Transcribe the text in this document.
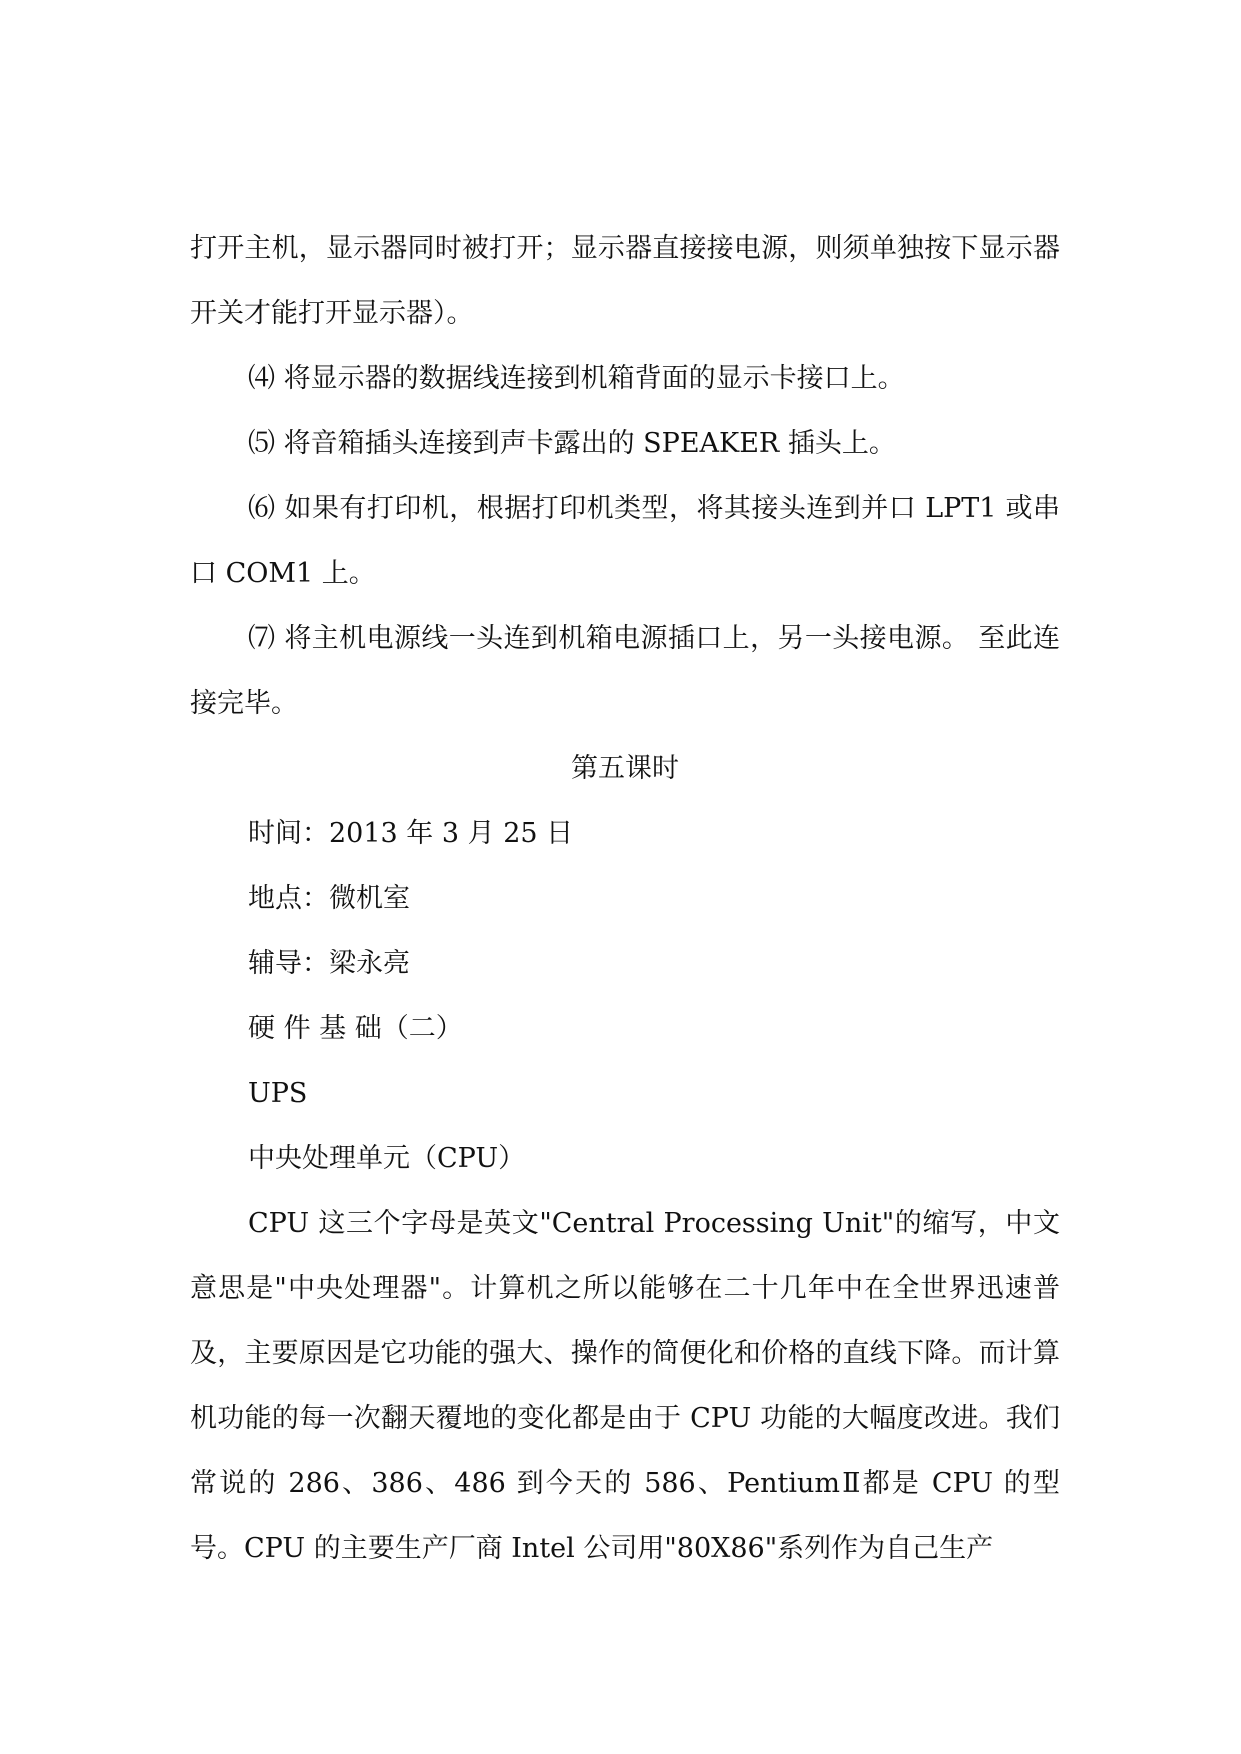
打开主机，显示器同时被打开；显示器直接接电源，则须单独按下显示器开关才能打开显示器）。

⑷ 将显示器的数据线连接到机箱背面的显示卡接口上。

⑸ 将音箱插头连接到声卡露出的 SPEAKER 插头上。

⑹ 如果有打印机，根据打印机类型，将其接头连到并口 LPT1 或串口 COM1 上。

⑺ 将主机电源线一头连到机箱电源插口上，另一头接电源。 至此连接完毕。

第五课时

时间：2013 年 3 月 25 日

地点：微机室

辅导：梁永亮

硬 件 基 础（二）

UPS

中央处理单元（CPU）

CPU 这三个字母是英文"Central Processing Unit"的缩写，中文意思是"中央处理器"。计算机之所以能够在二十几年中在全世界迅速普及，主要原因是它功能的强大、操作的简便化和价格的直线下降。而计算机功能的每一次翻天覆地的变化都是由于 CPU 功能的大幅度改进。我们常说的 286、386、486 到今天的 586、PentiumⅡ都是 CPU 的型号。CPU 的主要生产厂商 Intel 公司用"80X86"系列作为自己生产
